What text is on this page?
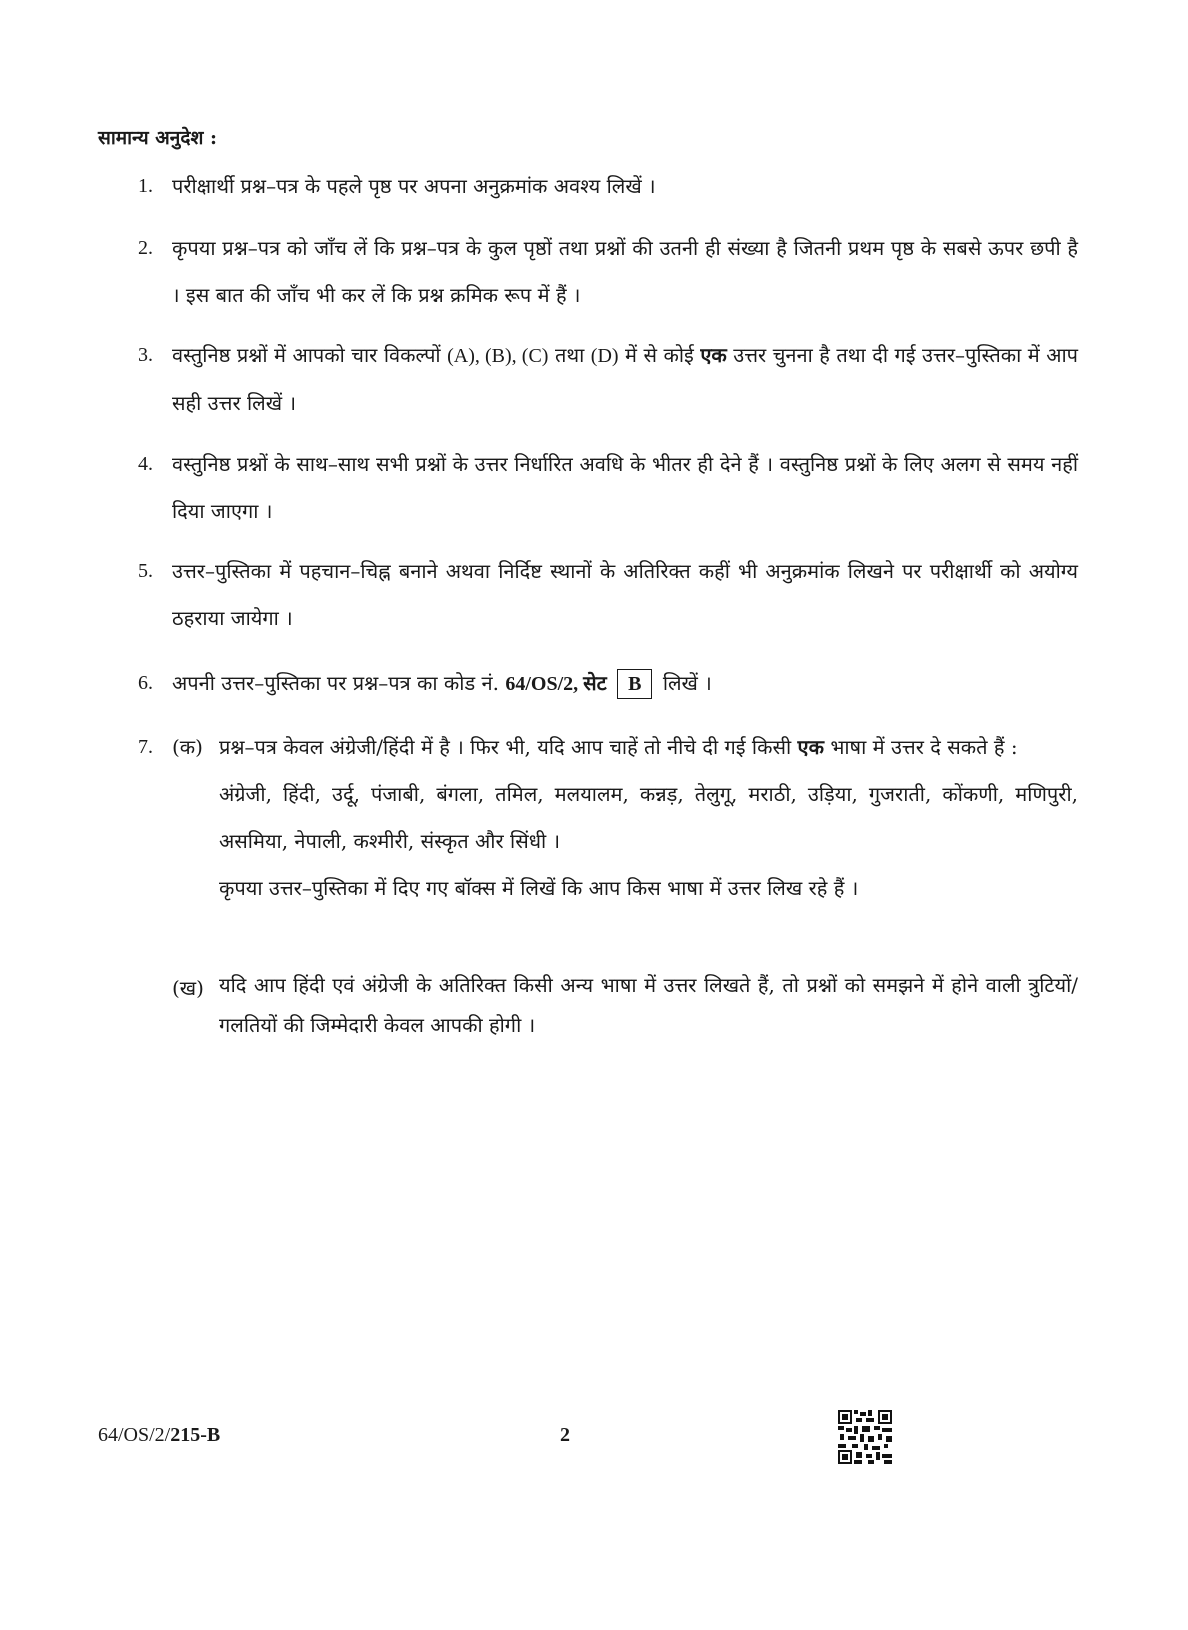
सामान्य अनुदेश :
1. परीक्षार्थी प्रश्न–पत्र के पहले पृष्ठ पर अपना अनुक्रमांक अवश्य लिखें ।
2. कृपया प्रश्न–पत्र को जाँच लें कि प्रश्न–पत्र के कुल पृष्ठों तथा प्रश्नों की उतनी ही संख्या है जितनी प्रथम पृष्ठ के सबसे ऊपर छपी है । इस बात की जाँच भी कर लें कि प्रश्न क्रमिक रूप में हैं ।
3. वस्तुनिष्ठ प्रश्नों में आपको चार विकल्पों (A), (B), (C) तथा (D) में से कोई एक उत्तर चुनना है तथा दी गई उत्तर–पुस्तिका में आप सही उत्तर लिखें ।
4. वस्तुनिष्ठ प्रश्नों के साथ–साथ सभी प्रश्नों के उत्तर निर्धारित अवधि के भीतर ही देने हैं । वस्तुनिष्ठ प्रश्नों के लिए अलग से समय नहीं दिया जाएगा ।
5. उत्तर–पुस्तिका में पहचान–चिह्न बनाने अथवा निर्दिष्ट स्थानों के अतिरिक्त कहीं भी अनुक्रमांक लिखने पर परीक्षार्थी को अयोग्य ठहराया जायेगा ।
6. अपनी उत्तर–पुस्तिका पर प्रश्न–पत्र का कोड नं. 64/OS/2, सेट B लिखें ।
7. (क) प्रश्न–पत्र केवल अंग्रेजी/हिंदी में है । फिर भी, यदि आप चाहें तो नीचे दी गई किसी एक भाषा में उत्तर दे सकते हैं :
अंग्रेजी, हिंदी, उर्दू, पंजाबी, बंगला, तमिल, मलयालम, कन्नड़, तेलुगू, मराठी, उड़िया, गुजराती, कोंकणी, मणिपुरी, असमिया, नेपाली, कश्मीरी, संस्कृत और सिंधी ।
कृपया उत्तर–पुस्तिका में दिए गए बॉक्स में लिखें कि आप किस भाषा में उत्तर लिख रहे हैं ।
(ख) यदि आप हिंदी एवं अंग्रेजी के अतिरिक्त किसी अन्य भाषा में उत्तर लिखते हैं, तो प्रश्नों को समझने में होने वाली त्रुटियों/गलतियों की जिम्मेदारी केवल आपकी होगी ।
64/OS/2/215-B	2
